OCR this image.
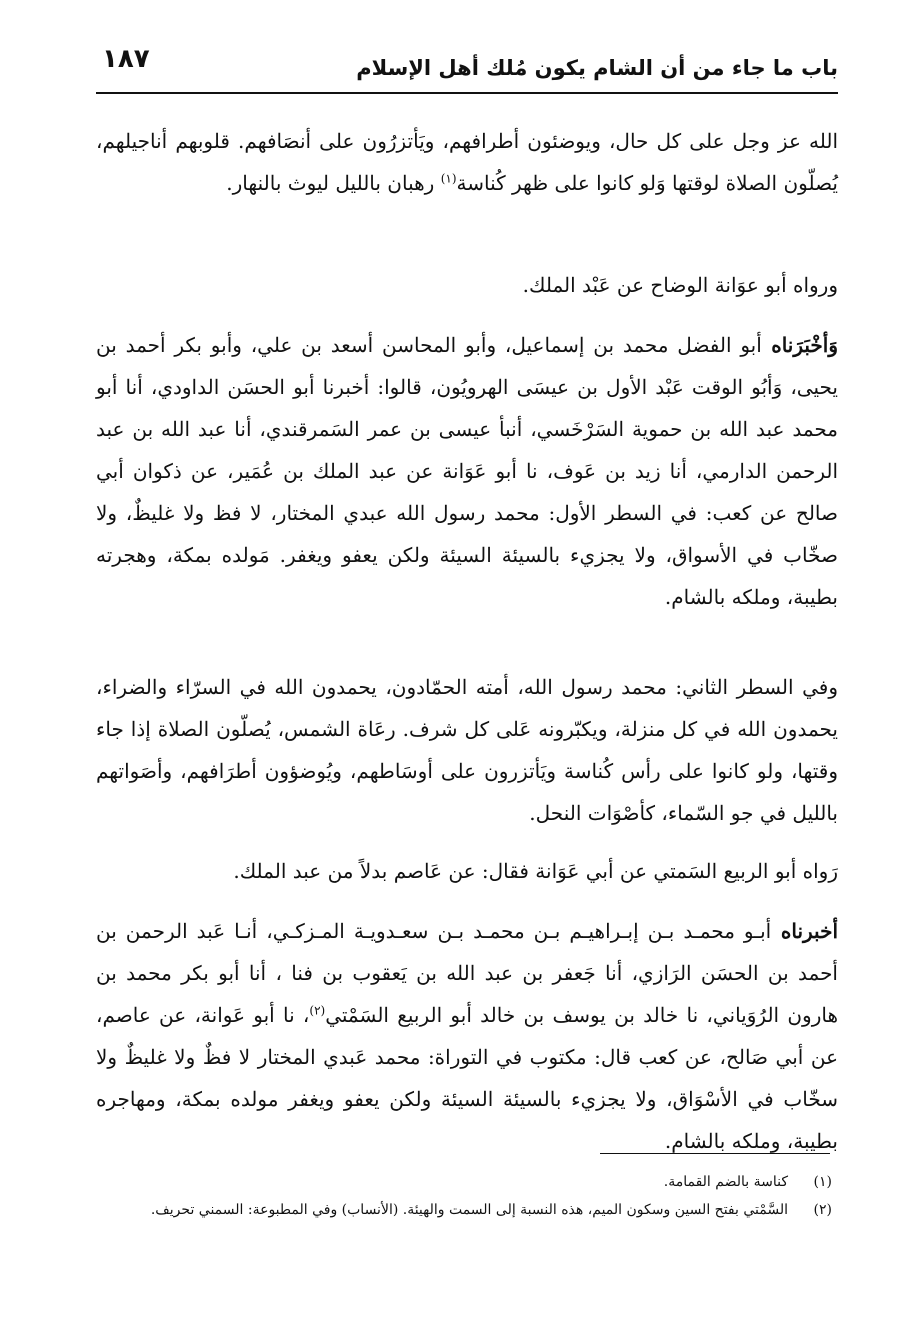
باب ما جاء من أن الشام يكون مُلك أهل الإسلام
١٨٧

الله عز وجل على كل حال، ويوضئون أطرافهم، ويَأتزرُون على أنصَافهم. قلوبهم أناجيلهم، يُصلّون الصلاة لوقتها وَلو كانوا على ظهر كُناسة$^{(١)}$ رهبان بالليل ليوث بالنهار.

ورواه أبو عوَانة الوضاح عن عَبْد الملك.

وَأخْبَرَناه أبو الفضل محمد بن إسماعيل، وأبو المحاسن أسعد بن علي، وأبو بكر أحمد بن يحيى، وَأبُو الوقت عَبْد الأول بن عيسَى الهرويُون، قالوا: أخبرنا أبو الحسَن الداودي، أنا أبو محمد عبد الله بن حموية السَرْخَسي، أنبأ عيسى بن عمر السَمرقندي، أنا عبد الله بن عبد الرحمن الدارمي، أنا زيد بن عَوف، نا أبو عَوَانة عن عبد الملك بن عُمَير، عن ذكوان أبي صالح عن كعب: في السطر الأول: محمد رسول الله عبدي المختار، لا فظ ولا غليظٌ، ولا صخّاب في الأسواق، ولا يجزيء بالسيئة السيئة ولكن يعفو ويغفر. مَولده بمكة، وهجرته بطيبة، وملكه بالشام.

وفي السطر الثاني: محمد رسول الله، أمته الحمّادون، يحمدون الله في السرّاء والضراء، يحمدون الله في كل منزلة، ويكبّرونه عَلى كل شرف. رعَاة الشمس، يُصلّون الصلاة إذا جاء وقتها، ولو كانوا على رأس كُناسة ويَأتزرون على أوسَاطهم، ويُوضؤون أطرَافهم، وأصَواتهم بالليل في جو السّماء، كأصْوَات النحل.

رَواه أبو الربيع السَمتي عن أبي عَوَانة فقال: عن عَاصم بدلاً من عبد الملك.

أخبرناه أبـو محمـد بـن إبـراهيـم بـن محمـد بـن سعـدويـة المـزكـي، أنـا عَبد الرحمن بن أحمد بن الحسَن الرَازي، أنا جَعفر بن عبد الله بن يَعقوب بن فنا ، أنا أبو بكر محمد بن هارون الرُوَياني، نا خالد بن يوسف بن خالد أبو الربيع السَمْتي$^{(٢)}$، نا أبو عَوانة، عن عاصم، عن أبي صَالح، عن كعب قال: مكتوب في التوراة: محمد عَبدي المختار لا فظٌ ولا غليظٌ ولا سخّاب في الأسْوَاق، ولا يجزيء بالسيئة السيئة ولكن يعفو ويغفر مولده بمكة، ومهاجره بطيبة، وملكه بالشام.

(١)
كناسة بالضم القمامة.
(٢)
السَّمْتي بفتح السين وسكون الميم، هذه النسبة إلى السمت والهيئة. (الأنساب) وفي المطبوعة: السمني تحريف.
